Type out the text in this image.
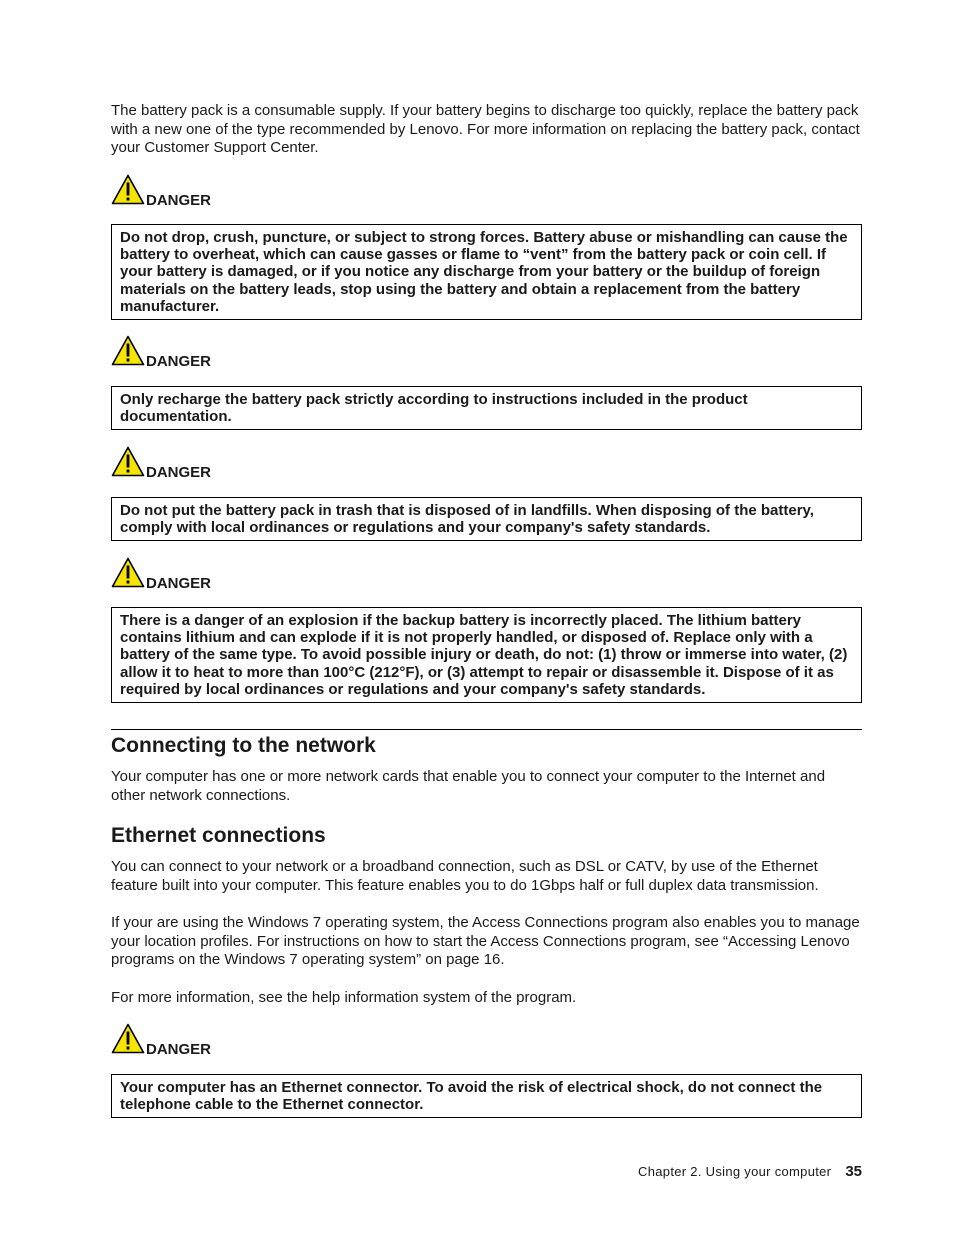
The battery pack is a consumable supply. If your battery begins to discharge too quickly, replace the battery pack with a new one of the type recommended by Lenovo. For more information on replacing the battery pack, contact your Customer Support Center.

DANGER
Do not drop, crush, puncture, or subject to strong forces. Battery abuse or mishandling can cause the battery to overheat, which can cause gasses or flame to “vent” from the battery pack or coin cell. If your battery is damaged, or if you notice any discharge from your battery or the buildup of foreign materials on the battery leads, stop using the battery and obtain a replacement from the battery manufacturer.
DANGER
Only recharge the battery pack strictly according to instructions included in the product documentation.
DANGER
Do not put the battery pack in trash that is disposed of in landfills. When disposing of the battery, comply with local ordinances or regulations and your company's safety standards.
DANGER
There is a danger of an explosion if the backup battery is incorrectly placed. The lithium battery contains lithium and can explode if it is not properly handled, or disposed of. Replace only with a battery of the same type. To avoid possible injury or death, do not: (1) throw or immerse into water, (2) allow it to heat to more than 100°C (212°F), or (3) attempt to repair or disassemble it. Dispose of it as required by local ordinances or regulations and your company's safety standards.
Connecting to the network

Your computer has one or more network cards that enable you to connect your computer to the Internet and other network connections.

Ethernet connections

You can connect to your network or a broadband connection, such as DSL or CATV, by use of the Ethernet feature built into your computer. This feature enables you to do 1Gbps half or full duplex data transmission.

If your are using the Windows 7 operating system, the Access Connections program also enables you to manage your location profiles. For instructions on how to start the Access Connections program, see “Accessing Lenovo programs on the Windows 7 operating system” on page 16.

For more information, see the help information system of the program.

DANGER
Your computer has an Ethernet connector. To avoid the risk of electrical shock, do not connect the telephone cable to the Ethernet connector.
Chapter 2. Using your computer 35
